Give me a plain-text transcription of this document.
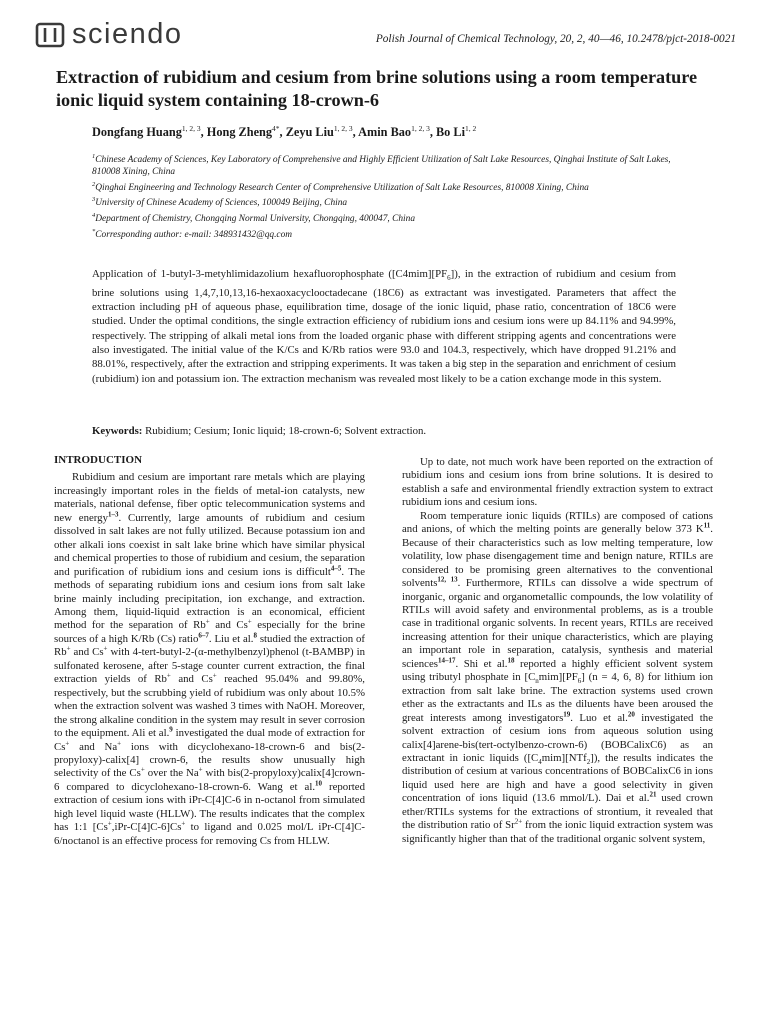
sciendo	Polish Journal of Chemical Technology, 20, 2, 40—46, 10.2478/pjct-2018-0021
Extraction of rubidium and cesium from brine solutions using a room temperature ionic liquid system containing 18-crown-6
Dongfang Huang$^{1, 2, 3}$, Hong Zheng$^{4*}$, Zeyu Liu$^{1, 2, 3}$, Amin Bao$^{1, 2, 3}$, Bo Li$^{1, 2}$

$^1$Chinese Academy of Sciences, Key Laboratory of Comprehensive and Highly Efficient Utilization of Salt Lake Resources, Qinghai Institute of Salt Lakes, 810008 Xining, China

$^2$Qinghai Engineering and Technology Research Center of Comprehensive Utilization of Salt Lake Resources, 810008 Xining, China

$^3$University of Chinese Academy of Sciences, 100049 Beijing, China

$^4$Department of Chemistry, Chongqing Normal University, Chongqing, 400047, China

*Corresponding author: e-mail: 348931432@qq.com

Application of 1-butyl-3-metyhlimidazolium hexafluorophosphate $([C4mim][PF_6])$, in the extraction of rubidium and cesium from brine solutions using 1,4,7,10,13,16-hexaoxacyclooctadecane (18C6) as extractant was investigated. Parameters that affect the extraction including pH of aqueous phase, equilibration time, dosage of the ionic liquid, phase ratio, concentration of 18C6 were studied. Under the optimal conditions, the single extraction efficiency of rubidium ions and cesium ions were up 84.11% and 94.99%, respectively. The stripping of alkali metal ions from the loaded organic phase with different stripping agents and concentrations were also investigated. The initial value of the K/Cs and K/Rb ratios were 93.0 and 104.3, respectively, which have dropped 91.21% and 88.01%, respectively, after the extraction and stripping experiments. It was taken a big step in the separation and enrichment of cesium (rubidium) ion and potassium ion. The extraction mechanism was revealed most likely to be a cation exchange mode in this system.

Keywords: Rubidium; Cesium; Ionic liquid; 18-crown-6; Solvent extraction.

INTRODUCTION

Rubidium and cesium are important rare metals which are playing increasingly important roles in the fields of metal-ion catalysts, new materials, national defense, fiber optic telecommunication systems and new energy$^{1-3}$. Currently, large amounts of rubidium and cesium dissolved in salt lakes are not fully utilized. Because potassium ion and other alkali ions coexist in salt lake brine which have similar physical and chemical properties to those of rubidium and cesium, the separation and purification of rubidium ions and cesium ions is difficult$^{4-5}$. The methods of separating rubidium ions and cesium ions from salt lake brine mainly including precipitation, ion exchange, and extraction. Among them, liquid-liquid extraction is an economical, efficient method for the separation of Rb+ and Cs+ especially for the brine sources of a high K/Rb (Cs) ratio$^{6-7}$. Liu et al.$^8$ studied the extraction of Rb+ and Cs+ with 4-tert-butyl-2-(α-methylbenzyl)phenol (t-BAMBP) in sulfonated kerosene, after 5-stage counter current extraction, the final extraction yields of Rb+ and Cs+ reached 95.04% and 99.80%, respectively, but the scrubbing yield of rubidium was only about 10.5% when the extraction solvent was washed 3 times with NaOH. Moreover, the strong alkaline condition in the system may result in sever corrosion to the equipment. Ali et al.$^9$ investigated the dual mode of extraction for Cs+ and Na+ ions with dicyclohexano-18-crown-6 and bis(2-propyloxy)-calix[4] crown-6, the results show unusually high selectivity of the Cs+ over the Na+ with bis(2-propyloxy)calix[4]crown-6 compared to dicyclohexano-18-crown-6. Wang et al.$^{10}$ reported extraction of cesium ions with iPr-C[4]C-6 in n-octanol from simulated high level liquid waste (HLLW). The results indicates that the complex has 1:1 [Cs+,iPr-C[4]C-6]Cs+ to ligand and 0.025 mol/L iPr-C[4]C-6/noctanol is an effective process for removing Cs from HLLW.

Up to date, not much work have been reported on the extraction of rubidium ions and cesium ions from brine solutions. It is desired to establish a safe and environmental friendly extraction system to extract rubidium ions and cesium ions.

Room temperature ionic liquids (RTILs) are composed of cations and anions, of which the melting points are generally below 373 K$^{11}$. Because of their characteristics such as low melting temperature, low volatility, low phase disengagement time and benign nature, RTILs are considered to be promising green alternatives to the conventional solvents$^{12, 13}$. Furthermore, RTILs can dissolve a wide spectrum of inorganic, organic and organometallic compounds, the low volatility of RTILs will avoid safety and environmental problems, as is a trouble case in traditional organic solvents. In recent years, RTILs are received increasing attention for their unique characteristics, which are playing an important role in separation, catalysis, synthesis and material sciences$^{14-17}$. Shi et al.$^{18}$ reported a highly efficient solvent system using tributyl phosphate in $[C_nmim][PF_6] (n = 4$, 6, 8) for lithium ion extraction from salt lake brine. The extraction systems used crown ether as the extractants and ILs as the diluents have been aroused the great interests among investigators$^{19}$. Luo et al.$^{20}$ investigated the solvent extraction of cesium ions from aqueous solution using calix[4]arene-bis(tert-octylbenzo-crown-6) (BOBCalixC6) as an extractant in ionic liquids $([C_4mim][NTf_2])$, the results indicates the distribution of cesium at various concentrations of BOBCalixC6 in ions liquid used here are high and have a good selectivity in given concentration of ions liquid (13.6 mmol/L). Dai et al.$^{21}$ used crown ether/RTILs systems for the extractions of strontium, it revealed that the distribution ratio of $Sr^{2+}$ from the ionic liquid extraction system was significantly higher than that of the traditional organic solvent system,
